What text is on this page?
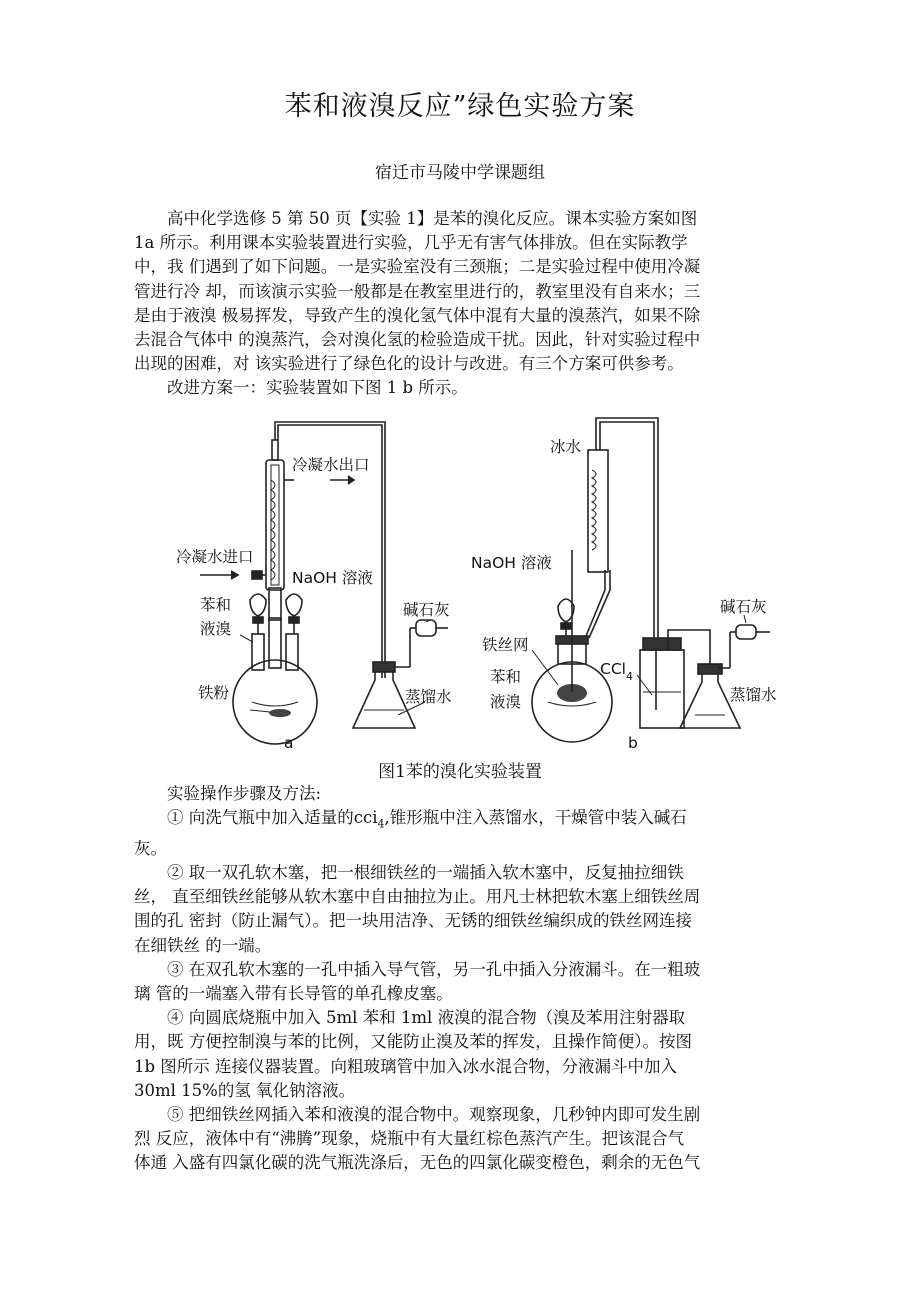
苯和液溴反应”绿色实验方案
宿迁市马陵中学课题组

高中化学选修 5 第 50 页【实验 1】是苯的溴化反应。课本实验方案如图

1a 所示。利用课本实验装置进行实验，几乎无有害气体排放。但在实际教学

中，我 们遇到了如下问题。一是实验室没有三颈瓶；二是实验过程中使用冷凝

管进行冷 却，而该演示实验一般都是在教室里进行的，教室里没有自来水；三

是由于液溴 极易挥发，导致产生的溴化氢气体中混有大量的溴蒸汽，如果不除

去混合气体中 的溴蒸汽，会对溴化氢的检验造成干扰。因此，针对实验过程中

出现的困难，对 该实验进行了绿色化的设计与改进。有三个方案可供参考。

改进方案一：实验装置如下图 1 b 所示。

冷凝水出口
冷凝水进口
NaOH 溶液
苯和
液溴
碱石灰
铁粉	蒸馏水
a
冰水
NaOH 溶液
铁丝网
苯和
液溴
CCl$_4$
碱石灰
蒸馏水
b
图1苯的溴化实验装置

实验操作步骤及方法:

① 向洗气瓶中加入适量的cci$_4$,锥形瓶中注入蒸馏水，干燥管中装入碱石

灰。

② 取一双孔软木塞，把一根细铁丝的一端插入软木塞中，反复抽拉细铁

丝， 直至细铁丝能够从软木塞中自由抽拉为止。用凡士林把软木塞上细铁丝周

围的孔 密封（防止漏气）。把一块用洁净、无锈的细铁丝编织成的铁丝网连接

在细铁丝 的一端。

③ 在双孔软木塞的一孔中插入导气管，另一孔中插入分液漏斗。在一粗玻

璃 管的一端塞入带有长导管的单孔橡皮塞。

④ 向圆底烧瓶中加入 5ml 苯和 1ml 液溴的混合物（溴及苯用注射器取

用，既 方便控制溴与苯的比例，又能防止溴及苯的挥发，且操作简便）。按图

1b 图所示 连接仪器装置。向粗玻璃管中加入冰水混合物，分液漏斗中加入

30ml 15%的氢 氧化钠溶液。

⑤ 把细铁丝网插入苯和液溴的混合物中。观察现象，几秒钟内即可发生剧

烈 反应，液体中有“沸腾”现象，烧瓶中有大量红棕色蒸汽产生。把该混合气

体通 入盛有四氯化碳的洗气瓶洗涤后，无色的四氯化碳变橙色，剩余的无色气
